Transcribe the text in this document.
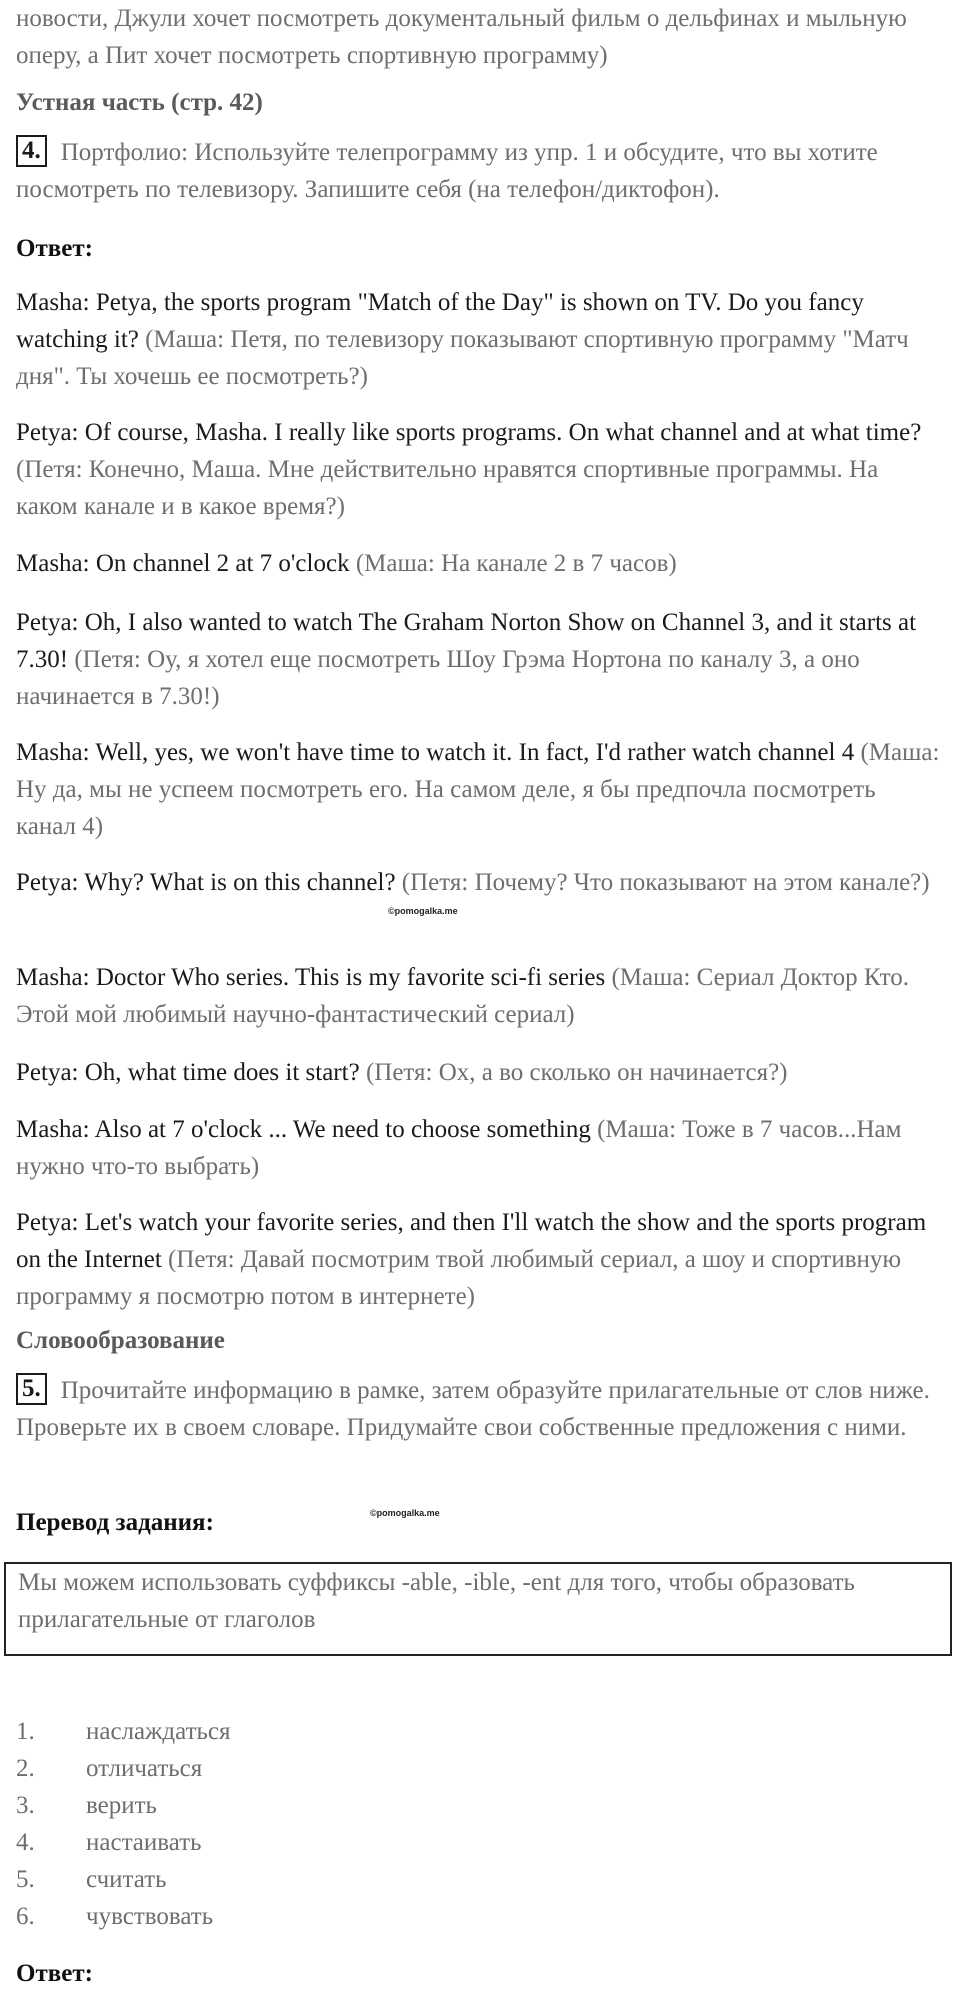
новости, Джули хочет посмотреть документальный фильм о дельфинах и мыльную оперу, а Пит хочет посмотреть спортивную программу)
Устная часть (стр. 42)
4. Портфолио: Используйте телепрограмму из упр. 1 и обсудите, что вы хотите посмотреть по телевизору. Запишите себя (на телефон/диктофон).
Ответ:
Masha: Petya, the sports program "Match of the Day" is shown on TV. Do you fancy watching it? (Маша: Петя, по телевизору показывают спортивную программу "Матч дня". Ты хочешь ее посмотреть?)
Petya: Of course, Masha. I really like sports programs. On what channel and at what time? (Петя: Конечно, Маша. Мне действительно нравятся спортивные программы. На каком канале и в какое время?)
Masha: On channel 2 at 7 o'clock (Маша: На канале 2 в 7 часов)
Petya: Oh, I also wanted to watch The Graham Norton Show on Channel 3, and it starts at 7.30! (Петя: Оу, я хотел еще посмотреть Шоу Грэма Нортона по каналу 3, а оно начинается в 7.30!)
Masha: Well, yes, we won't have time to watch it. In fact, I'd rather watch channel 4 (Маша: Ну да, мы не успеем посмотреть его. На самом деле, я бы предпочла посмотреть канал 4)
Petya: Why? What is on this channel? (Петя: Почему? Что показывают на этом канале?)
©pomogalka.me
Masha: Doctor Who series. This is my favorite sci-fi series (Маша: Сериал Доктор Кто. Этой мой любимый научно-фантастический сериал)
Petya: Oh, what time does it start? (Петя: Ох, а во сколько он начинается?)
Masha: Also at 7 o'clock ... We need to choose something (Маша: Тоже в 7 часов...Нам нужно что-то выбрать)
Petya: Let's watch your favorite series, and then I'll watch the show and the sports program on the Internet (Петя: Давай посмотрим твой любимый сериал, а шоу и спортивную программу я посмотрю потом в интернете)
Словообразование
5. Прочитайте информацию в рамке, затем образуйте прилагательные от слов ниже. Проверьте их в своем словаре. Придумайте свои собственные предложения с ними.
Перевод задания:	©pomogalka.me
Мы можем использовать суффиксы -able, -ible, -ent для того, чтобы образовать прилагательные от глаголов
1.	наслаждаться
2.	отличаться
3.	верить
4.	настаивать
5.	считать
6.	чувствовать
Ответ:
